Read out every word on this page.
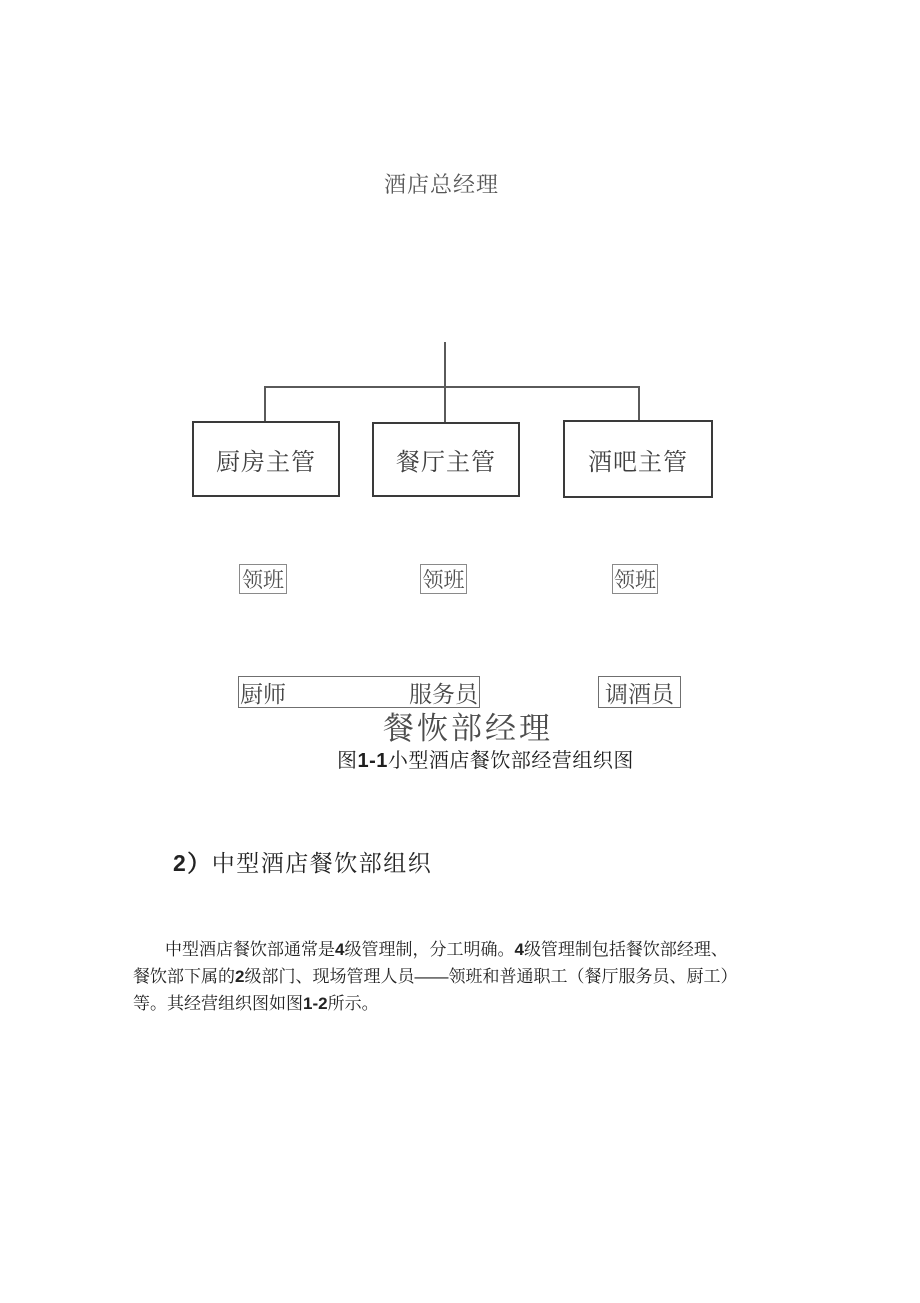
酒店总经理
厨房主管	餐厅主管	酒吧主管
领班	领班	领班
厨师	服务员	调酒员
餐恢部经理
图1-1小型酒店餐饮部经营组织图
2）中型酒店餐饮部组织
中型酒店餐饮部通常是4级管理制，分工明确。4级管理制包括餐饮部经理、
餐饮部下属的2级部门、现场管理人员——领班和普通职工（餐厅服务员、厨工）
等。其经营组织图如图1-2所示。
